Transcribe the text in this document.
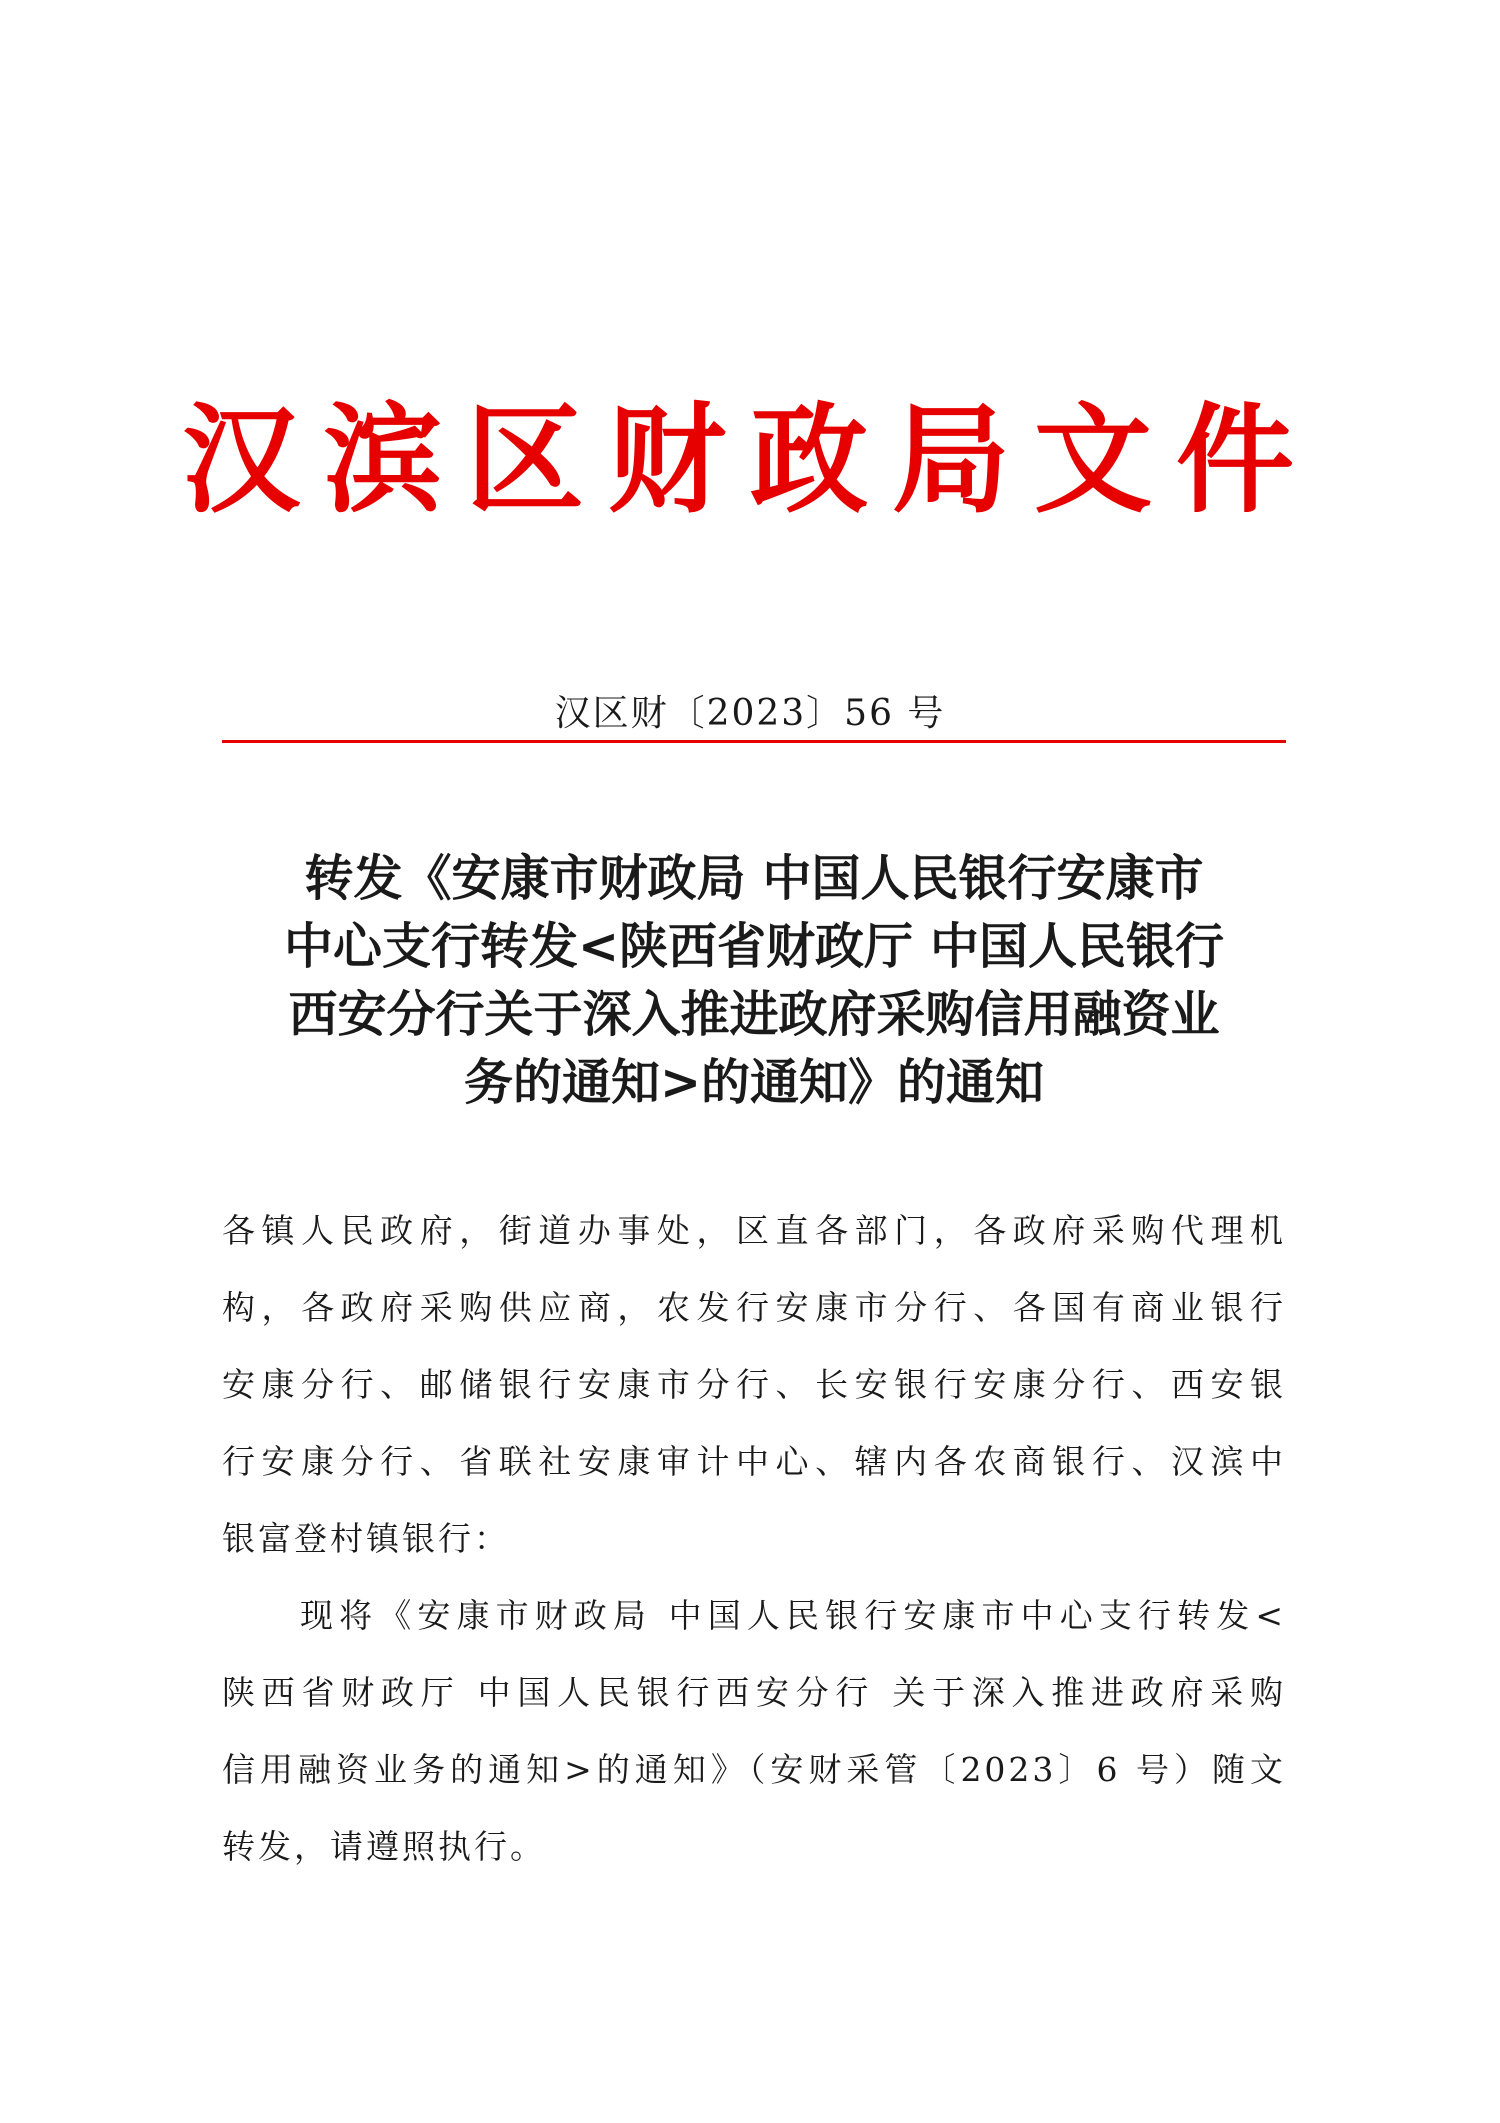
汉滨区财政局文件
汉区财〔2023〕56 号
转发《安康市财政局 中国人民银行安康市
中心支行转发<陕西省财政厅 中国人民银行
西安分行关于深入推进政府采购信用融资业
务的通知>的通知》的通知
各镇人民政府，街道办事处，区直各部门，各政府采购代理机
构，各政府采购供应商，农发行安康市分行、各国有商业银行
安康分行、邮储银行安康市分行、长安银行安康分行、西安银
行安康分行、省联社安康审计中心、辖内各农商银行、汉滨中
银富登村镇银行：
现将《安康市财政局 中国人民银行安康市中心支行转发<
陕西省财政厅 中国人民银行西安分行 关于深入推进政府采购
信用融资业务的通知>的通知》（安财采管〔2023〕6 号）随文
转发，请遵照执行。
